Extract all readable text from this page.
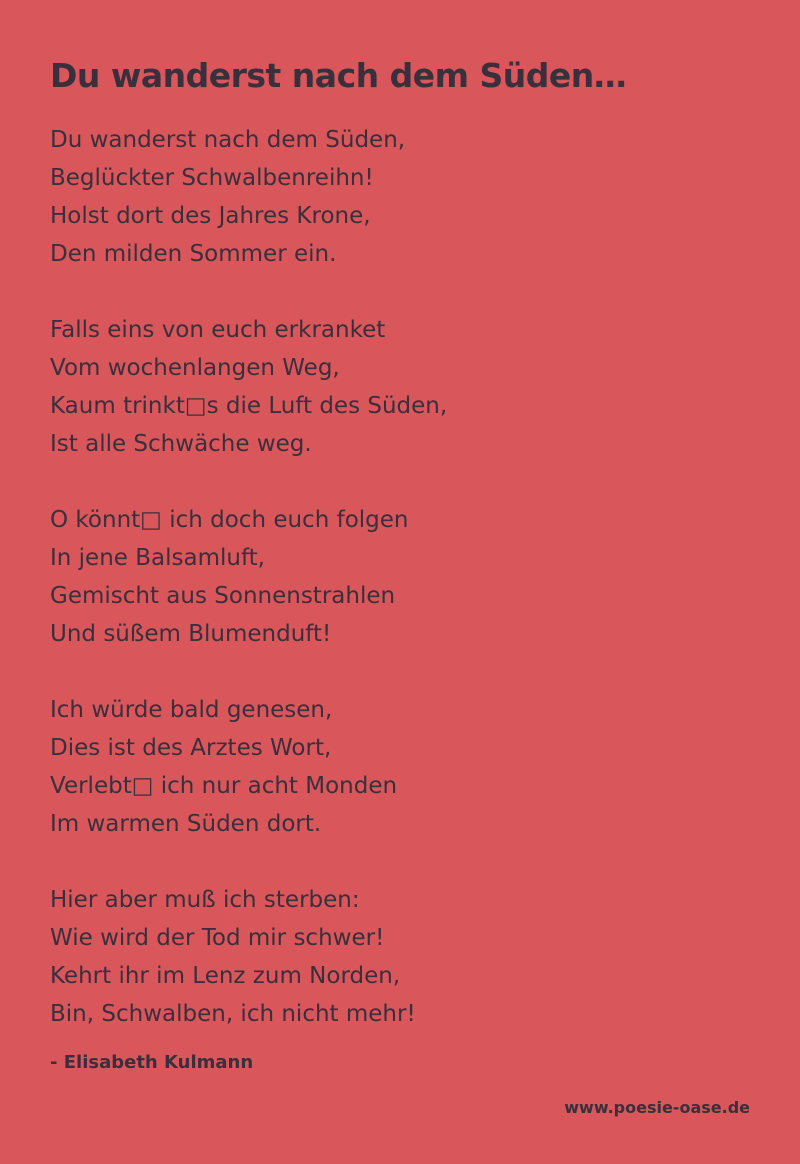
Du wanderst nach dem Süden…
Du wanderst nach dem Süden,
Beglückter Schwalbenreihn!
Holst dort des Jahres Krone,
Den milden Sommer ein.
Falls eins von euch erkranket
Vom wochenlangen Weg,
Kaum trinkt□s die Luft des Süden,
Ist alle Schwäche weg.
O könnt□ ich doch euch folgen
In jene Balsamluft,
Gemischt aus Sonnenstrahlen
Und süßem Blumenduft!
Ich würde bald genesen,
Dies ist des Arztes Wort,
Verlebt□ ich nur acht Monden
Im warmen Süden dort.
Hier aber muß ich sterben:
Wie wird der Tod mir schwer!
Kehrt ihr im Lenz zum Norden,
Bin, Schwalben, ich nicht mehr!
- Elisabeth Kulmann
www.poesie-oase.de
